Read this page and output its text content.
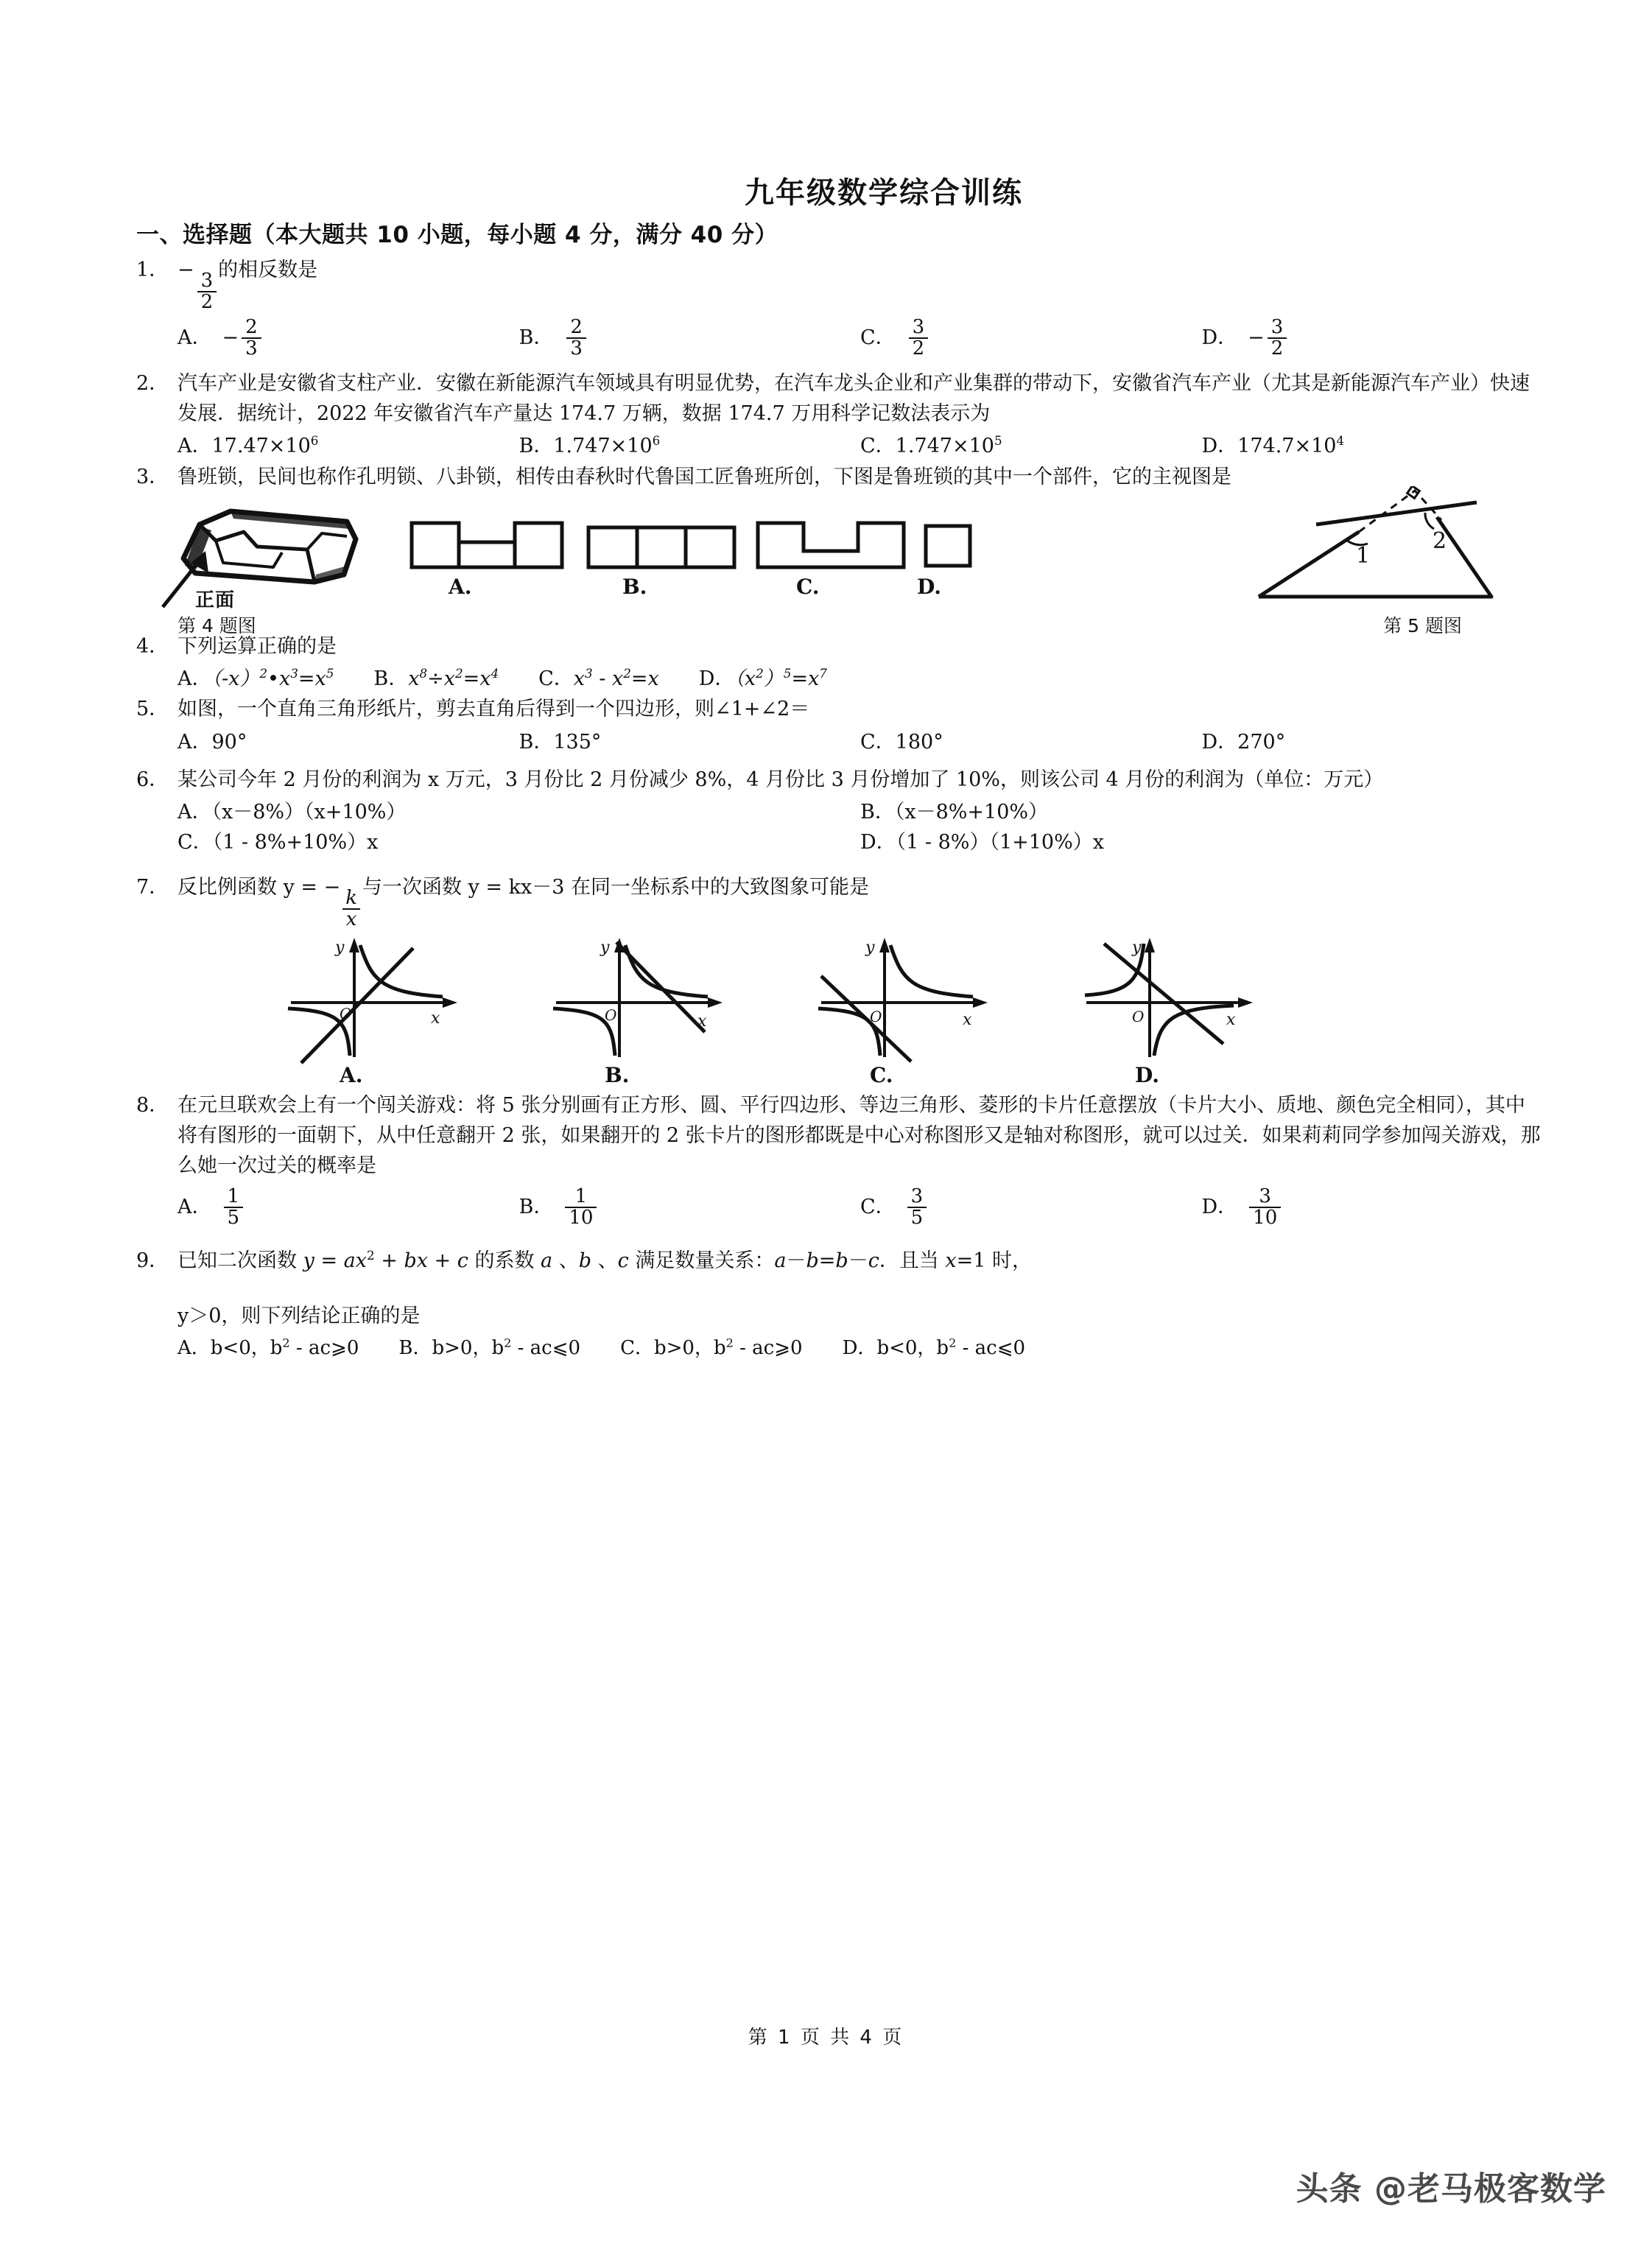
九年级数学综合训练
一、选择题（本大题共 10 小题，每小题 4 分，满分 40 分）
1． −
$\frac{3}{2}$
的相反数是
A． − $\frac{2}{3}$	B． $\frac{2}{3}$	C． $\frac{3}{2}$	D． − $\frac{3}{2}$
2． 汽车产业是安徽省支柱产业．安徽在新能源汽车领域具有明显优势，在汽车龙头企业和产业集群的带动下，安徽省汽车产业（尤其是新能源汽车产业）快速发展．据统计，2022 年安徽省汽车产量达 174.7 万辆，数据 174.7 万用科学记数法表示为
A．$17.47\times 10^6$	B．$1.747\times 10^6$	C．$1.747\times 10^5$	D．$174.7\times 10^4$
3． 鲁班锁，民间也称作孔明锁、八卦锁，相传由春秋时代鲁国工匠鲁班所创，下图是鲁班锁的其中一个部件，它的主视图是
正面
第 4 题图
A.	B.	C.	D.
1
2
第 5 题图
4． 下列运算正确的是
A．$(-x)^2•x^3=x^5$ B．$x^8\div x^2=x^4$ C．$x^3 - x^2=x$ D．$(x^2)^5=x^7$
5． 如图，一个直角三角形纸片，剪去直角后得到一个四边形，则∠1+∠2＝
A．90°	B．135°	C．180°	D．270°
6． 某公司今年 2 月份的利润为 x 万元，3 月份比 2 月份减少 8%，4 月份比 3 月份增加了 10%，则该公司 4 月份的利润为（单位：万元）
A．（x－8%）（x+10%）	B．（x－8%+10%）
C．（1 - 8%+10%）x	D．（1 - 8%）（1+10%）x
7． 反比例函数 y = −
$\frac{k}{x}$
与一次函数 y = kx－3 在同一坐标系中的大致图象可能是
O	x
y
A.
O	x
y
B.
O	x
y
C.
O	x
y
D.
8． 在元旦联欢会上有一个闯关游戏：将 5 张分别画有正方形、圆、平行四边形、等边三角形、菱形的卡片任意摆放（卡片大小、质地、颜色完全相同），其中将有图形的一面朝下，从中任意翻开 2 张，如果翻开的 2 张卡片的图形都既是中心对称图形又是轴对称图形，就可以过关．如果莉莉同学参加闯关游戏，那么她一次过关的概率是
A． $\frac{1}{5}$	B． $\frac{1}{10}$	C． $\frac{3}{5}$	D． $\frac{3}{10}$
9． 已知二次函数 $y = ax^2$ + bx + c 的系数 a 、b 、c 满足数量关系：a－b=b－c．且当 x=1 时，
y＞0，则下列结论正确的是
A．b<0，$b^2$ - ac⩾0 B．b>0，$b^2$ - ac⩽0 C．b>0，$b^2$ - ac⩾0 D．b<0，$b^2$ - ac⩽0
第 1 页 共 4 页
头条 @老马极客数学
